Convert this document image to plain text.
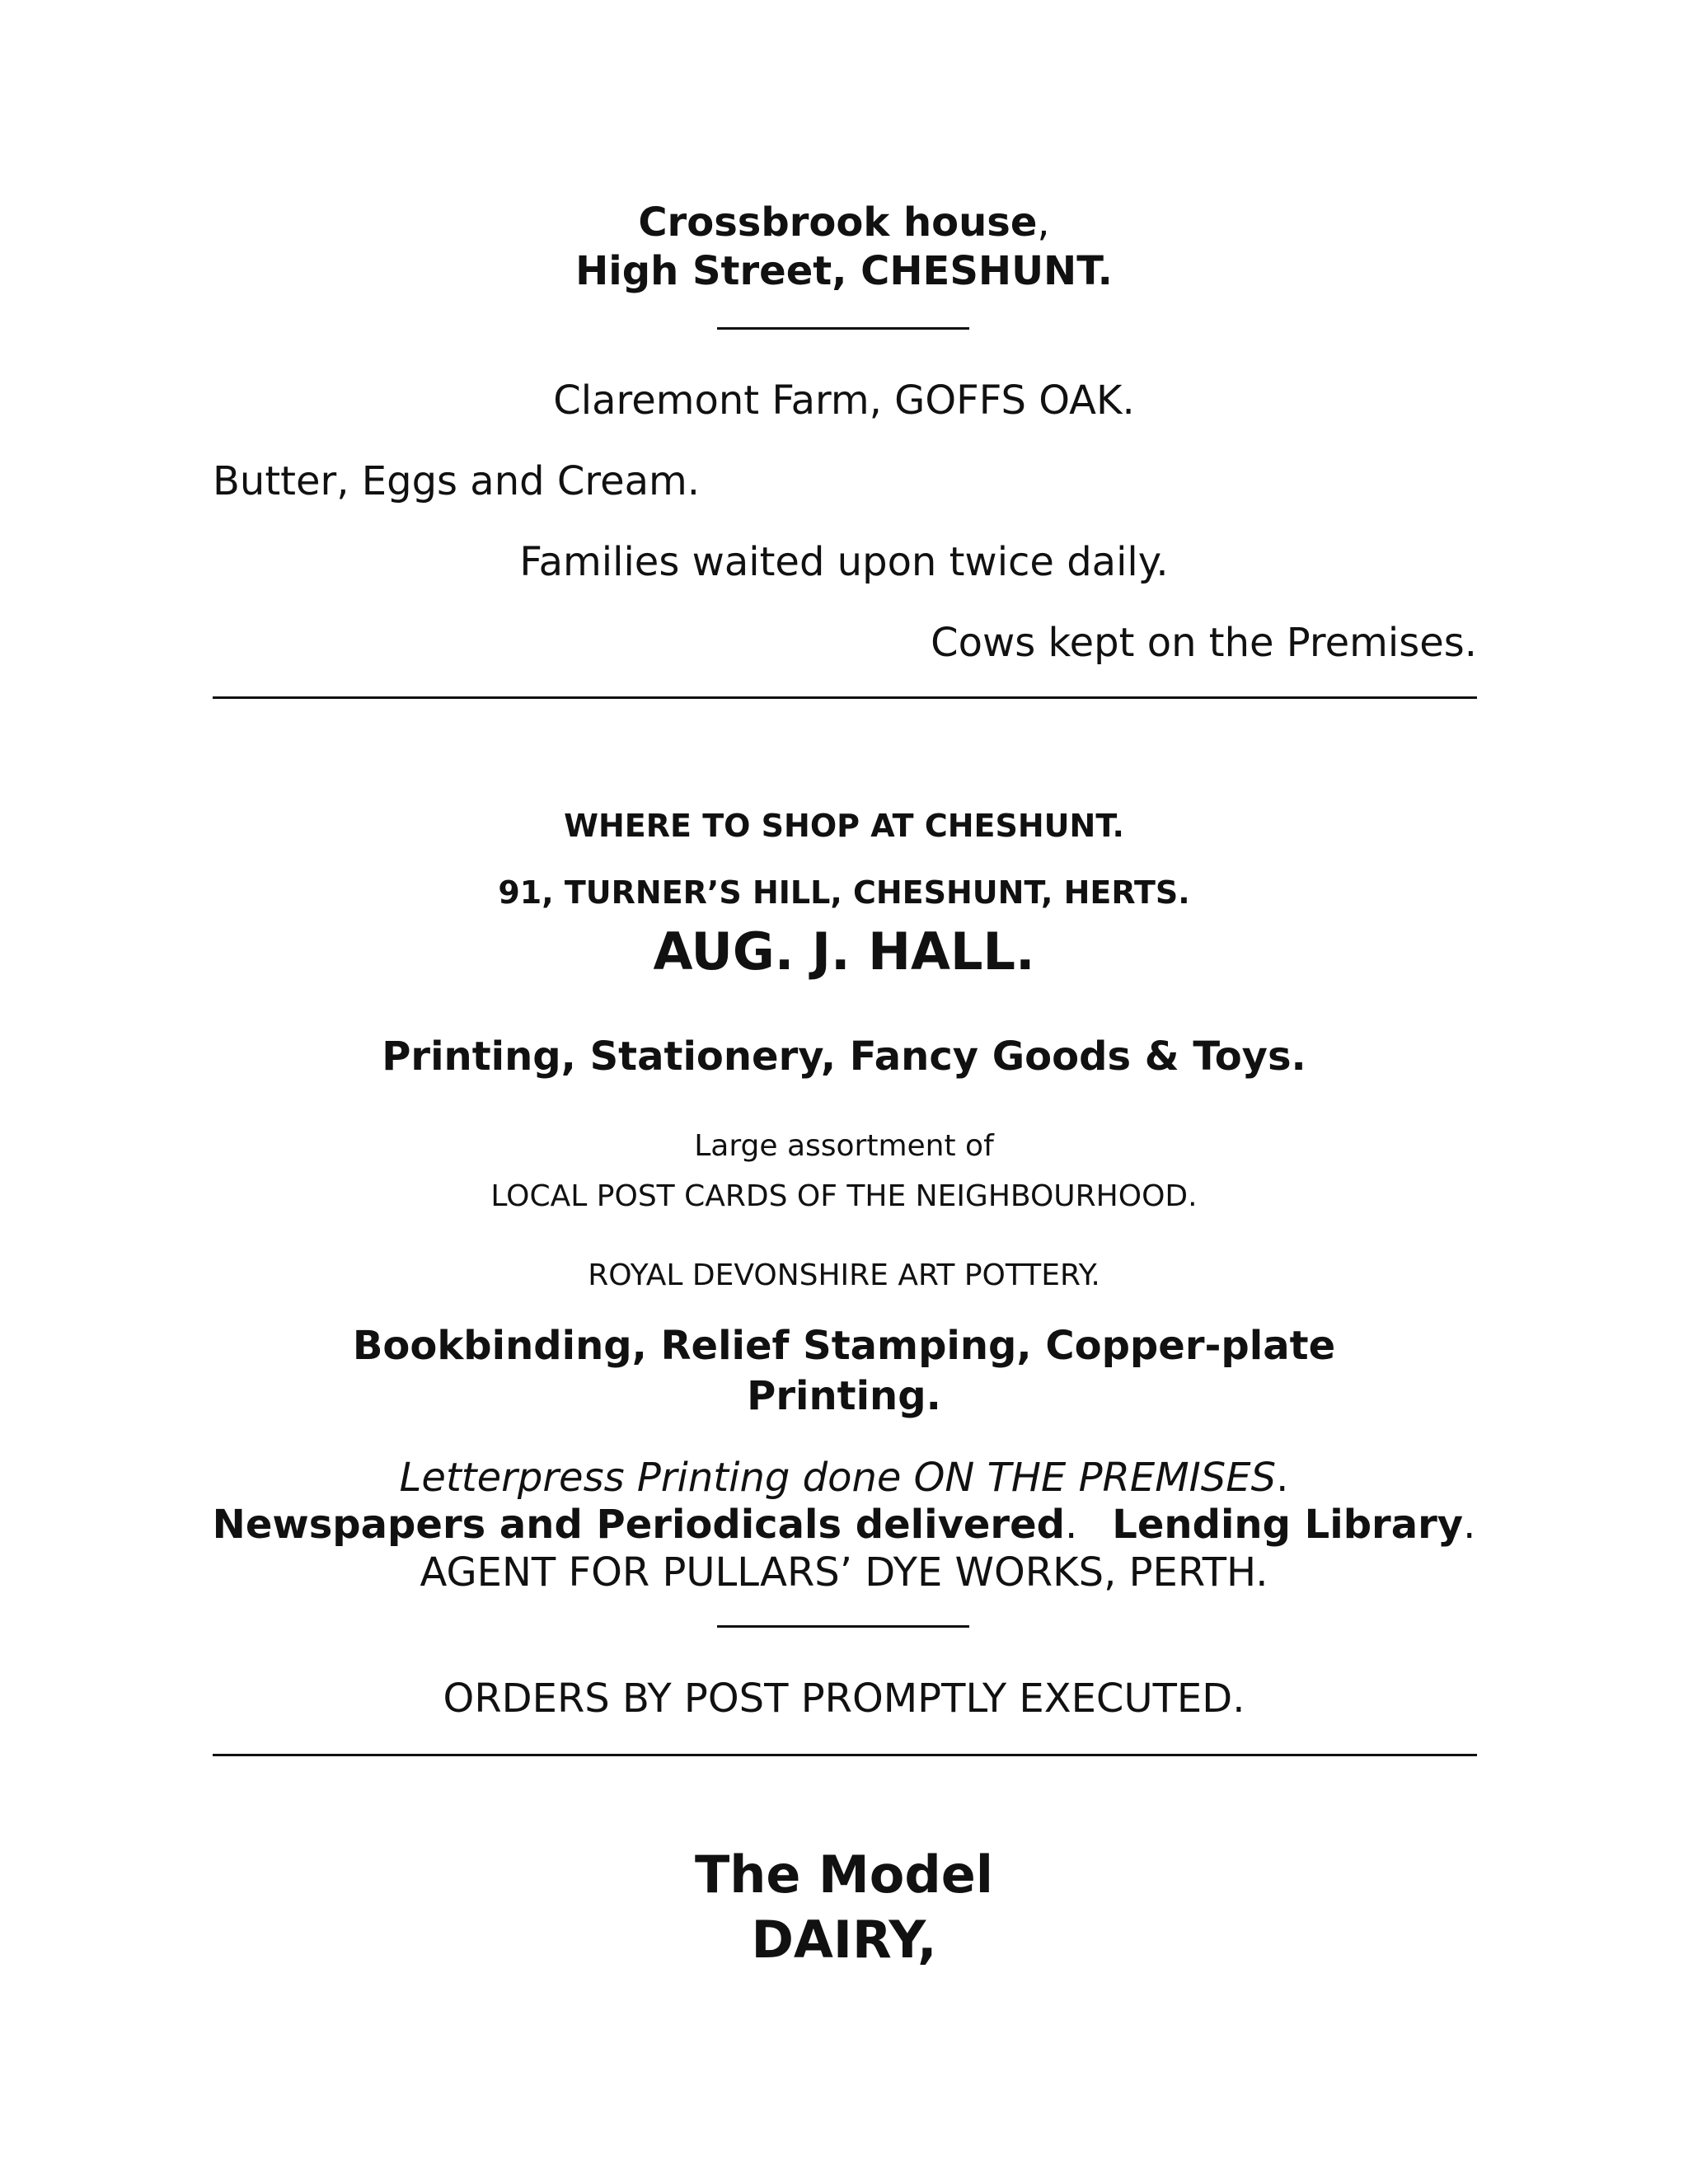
Crossbrook house,
High Street, CHESHUNT.
Claremont Farm, GOFFS OAK.
Butter, Eggs and Cream.
Families waited upon twice daily.
Cows kept on the Premises.
WHERE TO SHOP AT CHESHUNT.
91, TURNER’S HILL, CHESHUNT, HERTS.
AUG. J. HALL.
Printing, Stationery, Fancy Goods & Toys.
Large assortment of
LOCAL POST CARDS OF THE NEIGHBOURHOOD.
ROYAL DEVONSHIRE ART POTTERY.
Bookbinding, Relief Stamping, Copper-plate
Printing.
Letterpress Printing done ON THE PREMISES.
Newspapers and Periodicals delivered. Lending Library.
AGENT FOR PULLARS’ DYE WORKS, PERTH.
ORDERS BY POST PROMPTLY EXECUTED.
The Model
DAIRY,
